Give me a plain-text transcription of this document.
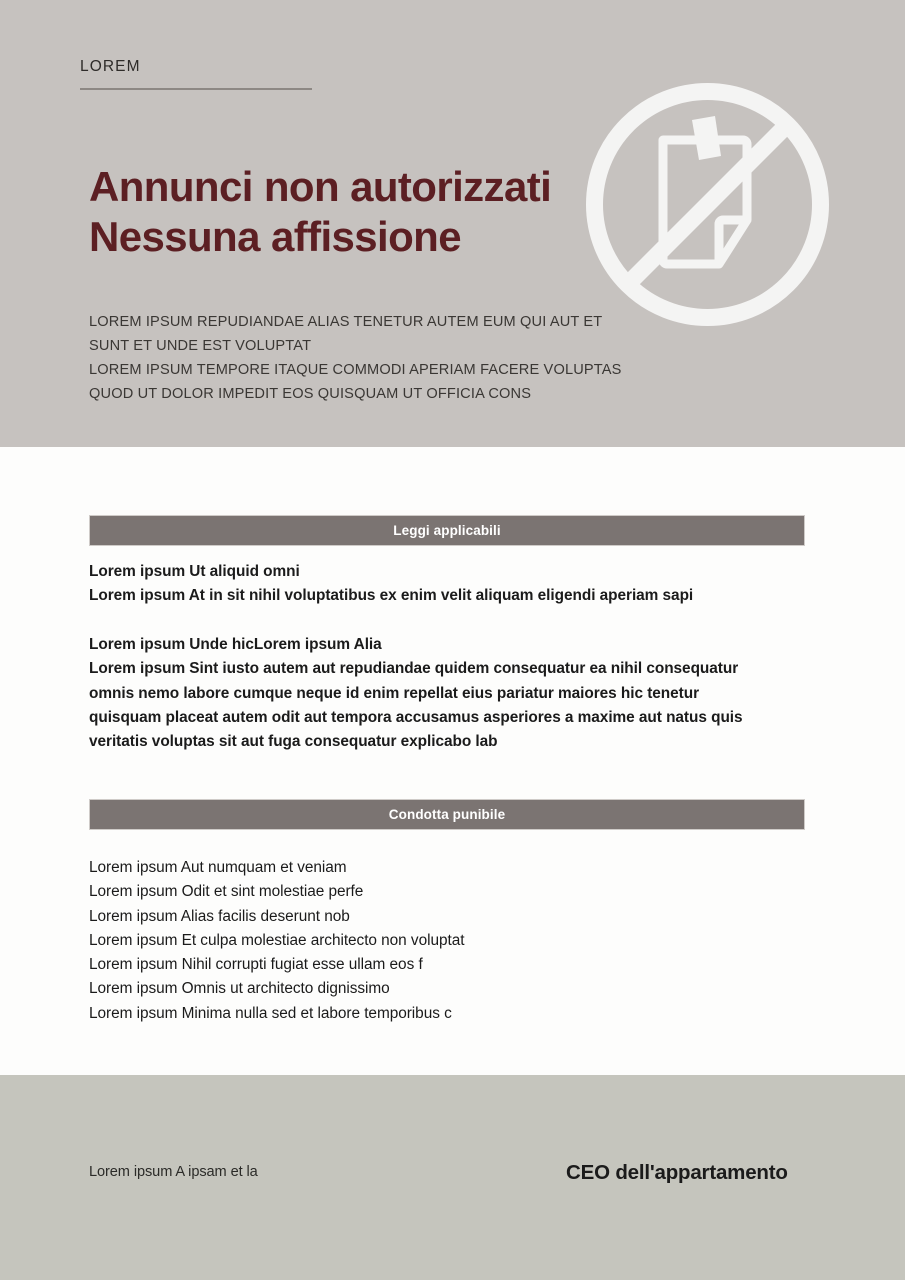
LOREM
Annunci non autorizzati
Nessuna affissione
LOREM IPSUM REPUDIANDAE ALIAS TENETUR AUTEM EUM QUI AUT ET
SUNT ET UNDE EST VOLUPTAT
LOREM IPSUM TEMPORE ITAQUE COMMODI APERIAM FACERE VOLUPTAS
QUOD UT DOLOR IMPEDIT EOS QUISQUAM UT OFFICIA CONS
Leggi applicabili
Lorem ipsum Ut aliquid omni
Lorem ipsum At in sit nihil voluptatibus ex enim velit aliquam eligendi aperiam sapi
Lorem ipsum Unde hicLorem ipsum Alia
Lorem ipsum Sint iusto autem aut repudiandae quidem consequatur ea nihil consequatur
omnis nemo labore cumque neque id enim repellat eius pariatur maiores hic tenetur
quisquam placeat autem odit aut tempora accusamus asperiores a maxime aut natus quis
veritatis voluptas sit aut fuga consequatur explicabo lab
Condotta punibile
Lorem ipsum Aut numquam et veniam
Lorem ipsum Odit et sint molestiae perfe
Lorem ipsum Alias facilis deserunt nob
Lorem ipsum Et culpa molestiae architecto non voluptat
Lorem ipsum Nihil corrupti fugiat esse ullam eos f
Lorem ipsum Omnis ut architecto dignissimo
Lorem ipsum Minima nulla sed et labore temporibus c
Lorem ipsum A ipsam et la	CEO dell'appartamento
